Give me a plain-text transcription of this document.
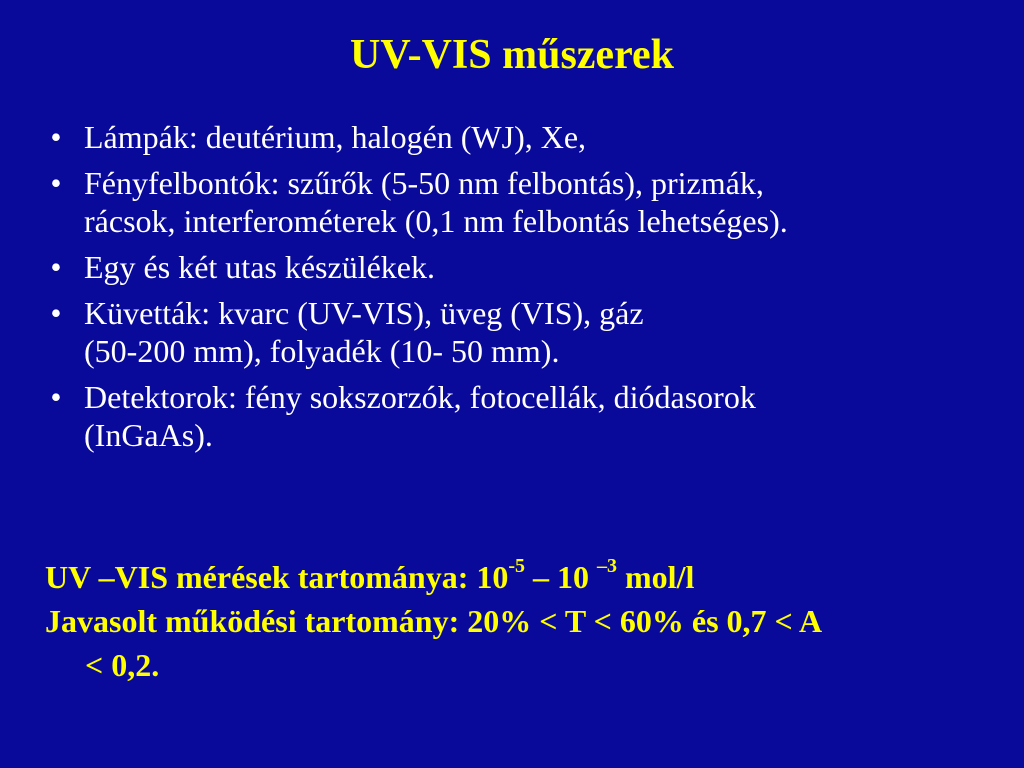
UV-VIS műszerek
• Lámpák: deutérium, halogén (WJ), Xe,
• Fényfelbontók: szűrők (5-50 nm felbontás), prizmák,
rácsok, interferométerek (0,1 nm felbontás lehetséges).
• Egy és két utas készülékek.
• Küvetták: kvarc (UV-VIS), üveg (VIS), gáz
(50-200 mm), folyadék (10- 50 mm).
• Detektorok: fény sokszorzók, fotocellák, diódasorok
(InGaAs).
UV –VIS mérések tartománya: $10^{-5} - 10$ $^{-3}$ mol/l
Javasolt működési tartomány: 20% < T < 60% és 0,7 < A
< 0,2.
